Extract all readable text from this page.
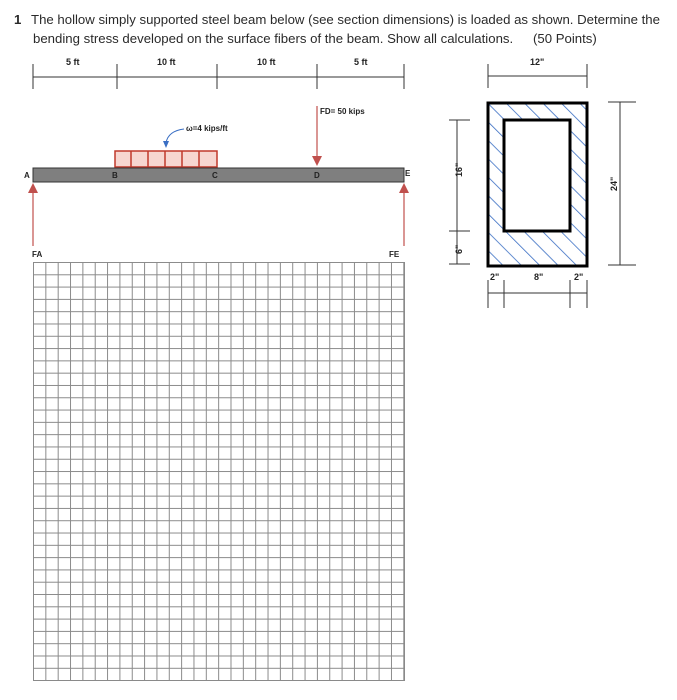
1 The hollow simply supported steel beam below (see section dimensions) is loaded as shown. Determine the
bending stress developed on the surface fibers of the beam. Show all calculations. (50 Points)
5 ft	10 ft	10 ft	5 ft
A	B	C	D	E
ω=4 kips/ft
FD= 50 kips
FA	FE
12"
16"
6"
24"
2"	8"	2"
